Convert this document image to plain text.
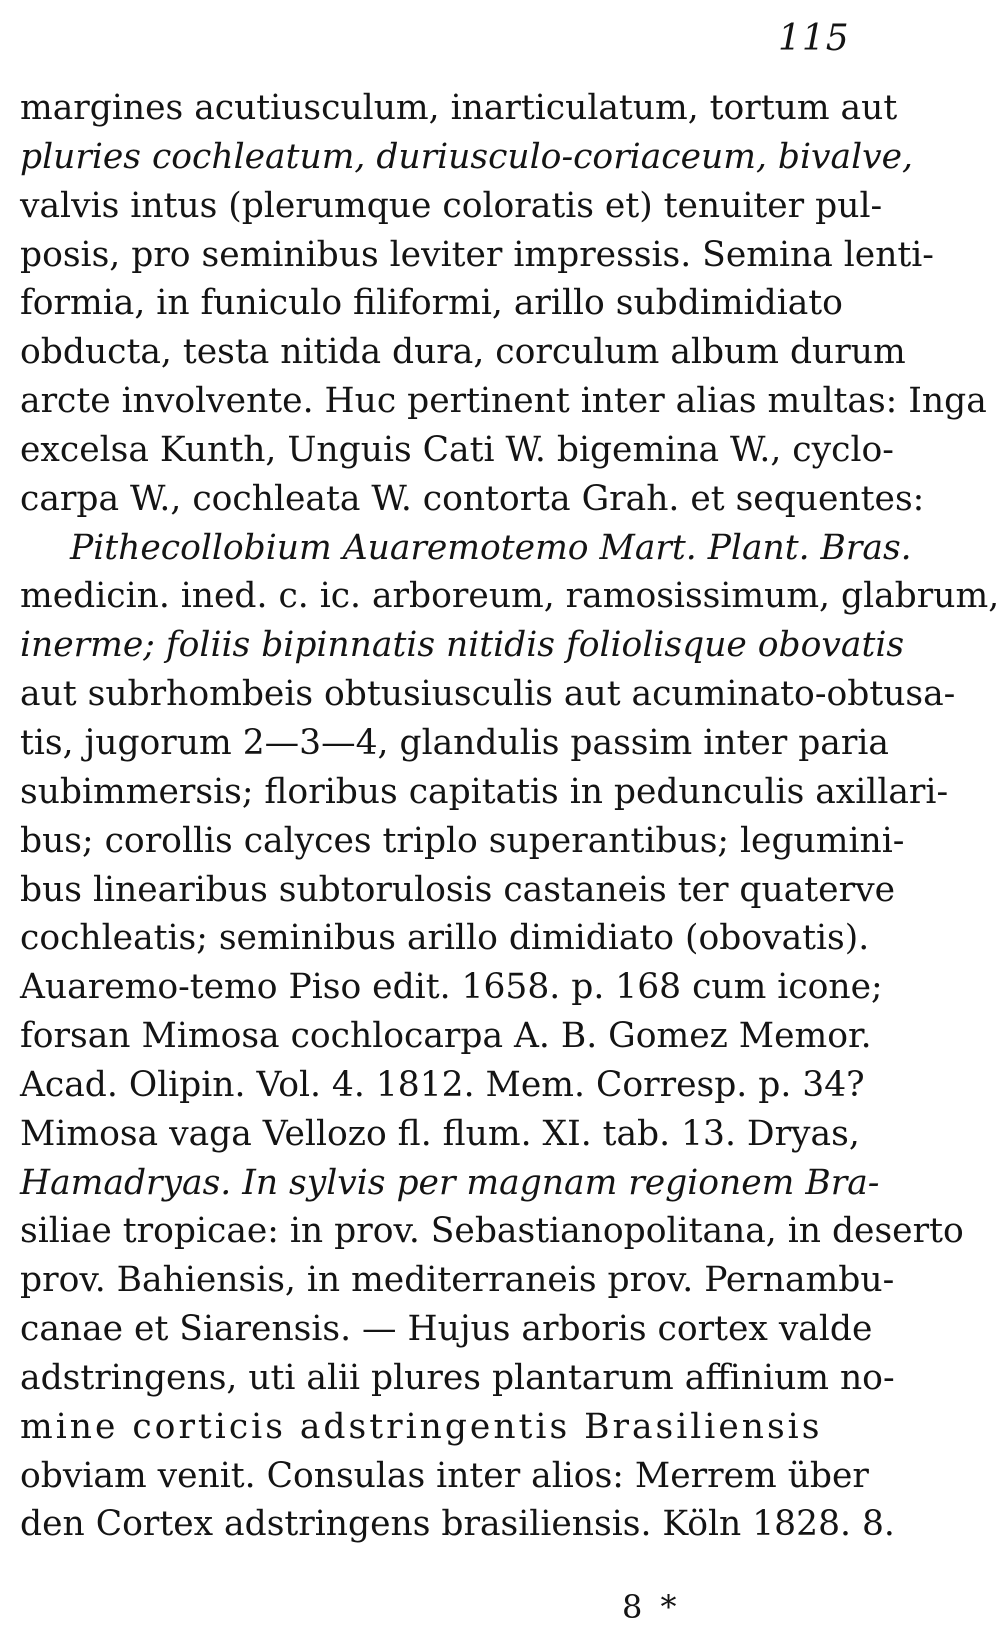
115
margines acutiusculum, inarticulatum, tortum aut
pluries cochleatum, duriusculo-coriaceum, bivalve,
valvis intus (plerumque coloratis et) tenuiter pul-
posis, pro seminibus leviter impressis. Semina lenti-
formia, in funiculo filiformi, arillo subdimidiato
obducta, testa nitida dura, corculum album durum
arcte involvente. Huc pertinent inter alias multas: Inga
excelsa Kunth, Unguis Cati W. bigemina W., cyclo-
carpa W., cochleata W. contorta Grah. et sequentes:
Pithecollobium Auaremotemo Mart. Plant. Bras.
medicin. ined. c. ic. arboreum, ramosissimum, glabrum,
inerme; foliis bipinnatis nitidis foliolisque obovatis
aut subrhombeis obtusiusculis aut acuminato-obtusa-
tis, jugorum 2—3—4, glandulis passim inter paria
subimmersis; floribus capitatis in pedunculis axillari-
bus; corollis calyces triplo superantibus; legumini-
bus linearibus subtorulosis castaneis ter quaterve
cochleatis; seminibus arillo dimidiato (obovatis).
Auaremo-temo Piso edit. 1658. p. 168 cum icone;
forsan Mimosa cochlocarpa A. B. Gomez Memor.
Acad. Olipin. Vol. 4. 1812. Mem. Corresp. p. 34?
Mimosa vaga Vellozo fl. flum. XI. tab. 13. Dryas,
Hamadryas. In sylvis per magnam regionem Bra-
siliae tropicae: in prov. Sebastianopolitana, in deserto
prov. Bahiensis, in mediterraneis prov. Pernambu-
canae et Siarensis. — Hujus arboris cortex valde
adstringens, uti alii plures plantarum affinium no-
mine corticis adstringentis Brasiliensis
obviam venit. Consulas inter alios: Merrem über
den Cortex adstringens brasiliensis. Köln 1828. 8.
8 *
